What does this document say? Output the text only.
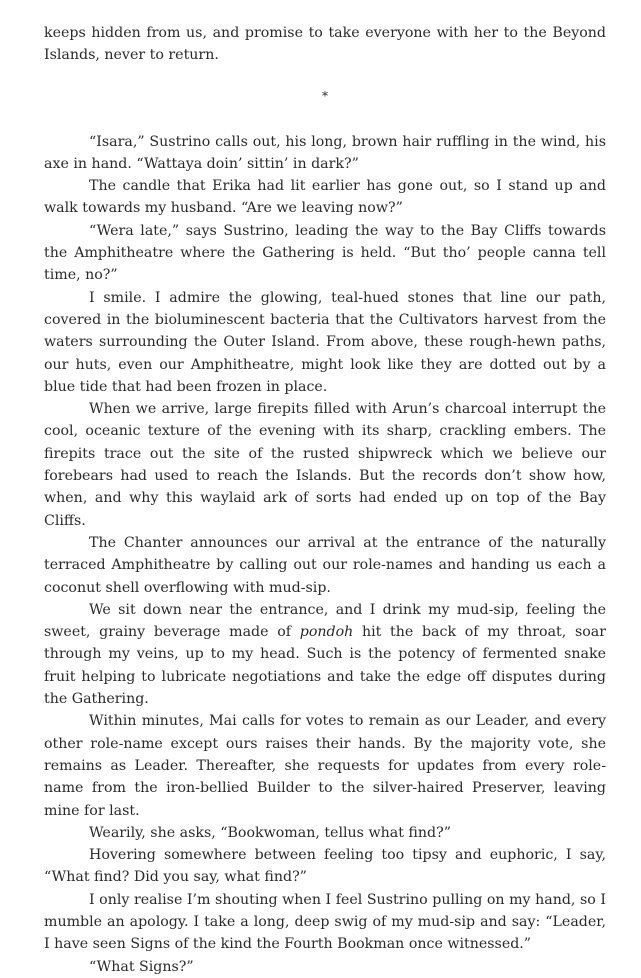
keeps hidden from us, and promise to take everyone with her to the Beyond Islands, never to return.

*

“Isara,” Sustrino calls out, his long, brown hair ruffling in the wind, his axe in hand. “Wattaya doin’ sittin’ in dark?”

The candle that Erika had lit earlier has gone out, so I stand up and walk towards my husband. “Are we leaving now?”

“Wera late,” says Sustrino, leading the way to the Bay Cliffs towards the Amphitheatre where the Gathering is held. “But tho’ people canna tell time, no?”

I smile. I admire the glowing, teal-hued stones that line our path, covered in the bioluminescent bacteria that the Cultivators harvest from the waters surrounding the Outer Island. From above, these rough-hewn paths, our huts, even our Amphitheatre, might look like they are dotted out by a blue tide that had been frozen in place.

When we arrive, large firepits filled with Arun’s charcoal interrupt the cool, oceanic texture of the evening with its sharp, crackling embers. The firepits trace out the site of the rusted shipwreck which we believe our forebears had used to reach the Islands. But the records don’t show how, when, and why this waylaid ark of sorts had ended up on top of the Bay Cliffs.

The Chanter announces our arrival at the entrance of the naturally terraced Amphitheatre by calling out our role-names and handing us each a coconut shell overflowing with mud-sip.

We sit down near the entrance, and I drink my mud-sip, feeling the sweet, grainy beverage made of pondoh hit the back of my throat, soar through my veins, up to my head. Such is the potency of fermented snake fruit helping to lubricate negotiations and take the edge off disputes during the Gathering.

Within minutes, Mai calls for votes to remain as our Leader, and every other role-name except ours raises their hands. By the majority vote, she remains as Leader. Thereafter, she requests for updates from every role-name from the iron-bellied Builder to the silver-haired Preserver, leaving mine for last.

Wearily, she asks, “Bookwoman, tellus what find?”

Hovering somewhere between feeling too tipsy and euphoric, I say, “What find? Did you say, what find?”

I only realise I’m shouting when I feel Sustrino pulling on my hand, so I mumble an apology. I take a long, deep swig of my mud-sip and say: “Leader, I have seen Signs of the kind the Fourth Bookman once witnessed.”

“What Signs?”
